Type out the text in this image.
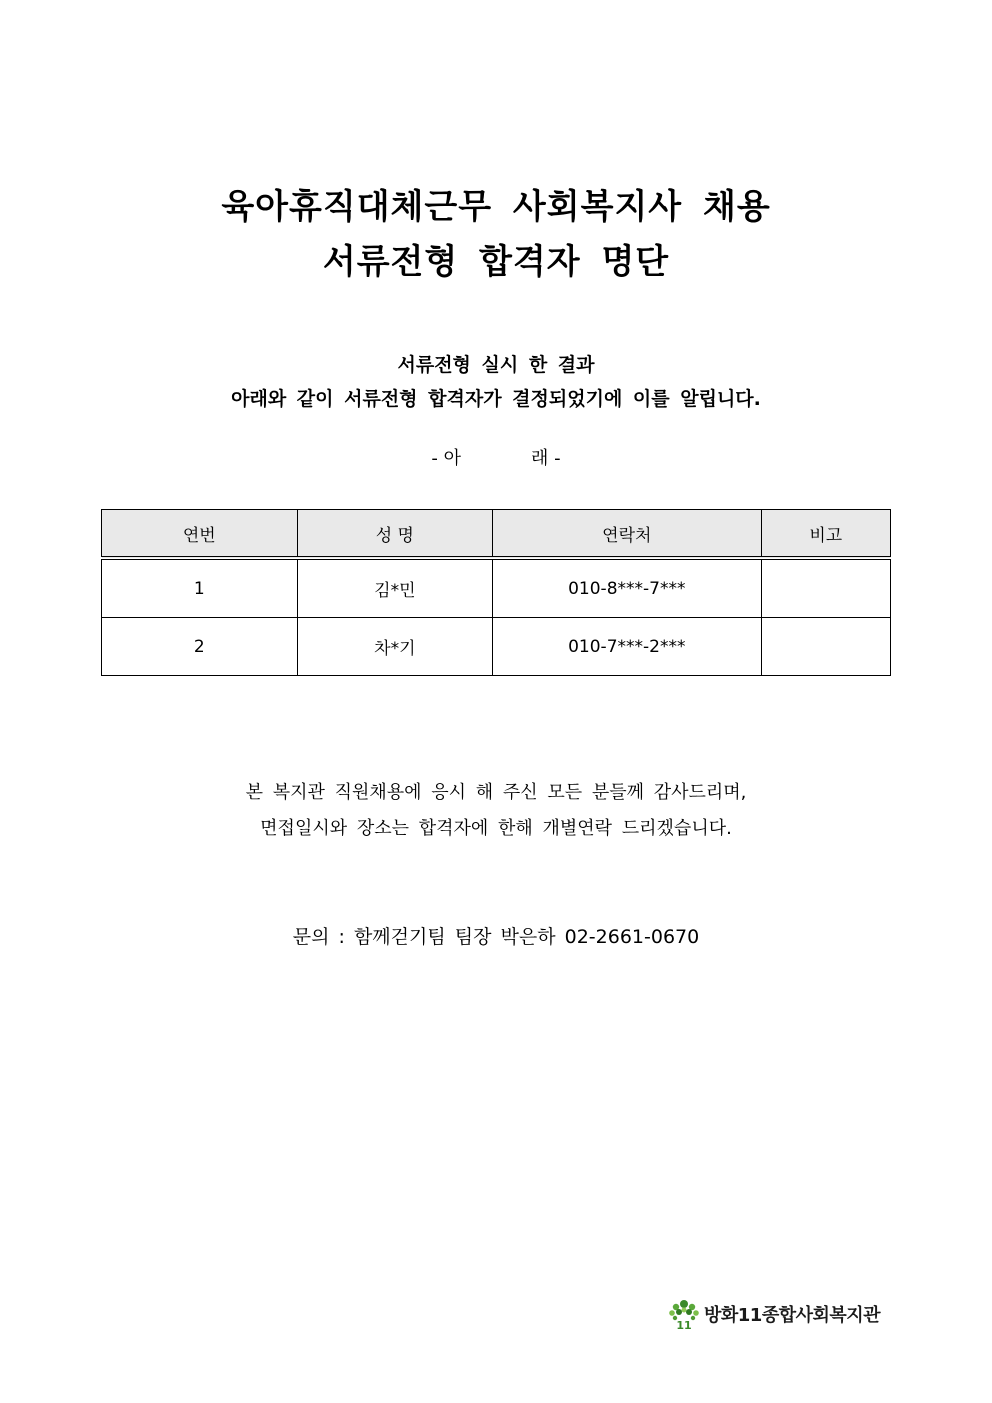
육아휴직대체근무 사회복지사 채용
서류전형 합격자 명단
서류전형 실시 한 결과
아래와 같이 서류전형 합격자가 결정되었기에 이를 알립니다.
- 아	래 -
연번	성 명	연락처	비고
1	김*민	010-8***-7***	
2	차*기	010-7***-2***	
본 복지관 직원채용에 응시 해 주신 모든 분들께 감사드리며,
면접일시와 장소는 합격자에 한해 개별연락 드리겠습니다.
문의 : 함께걷기팀 팀장 박은하 02-2661-0670
11 방화11종합사회복지관
